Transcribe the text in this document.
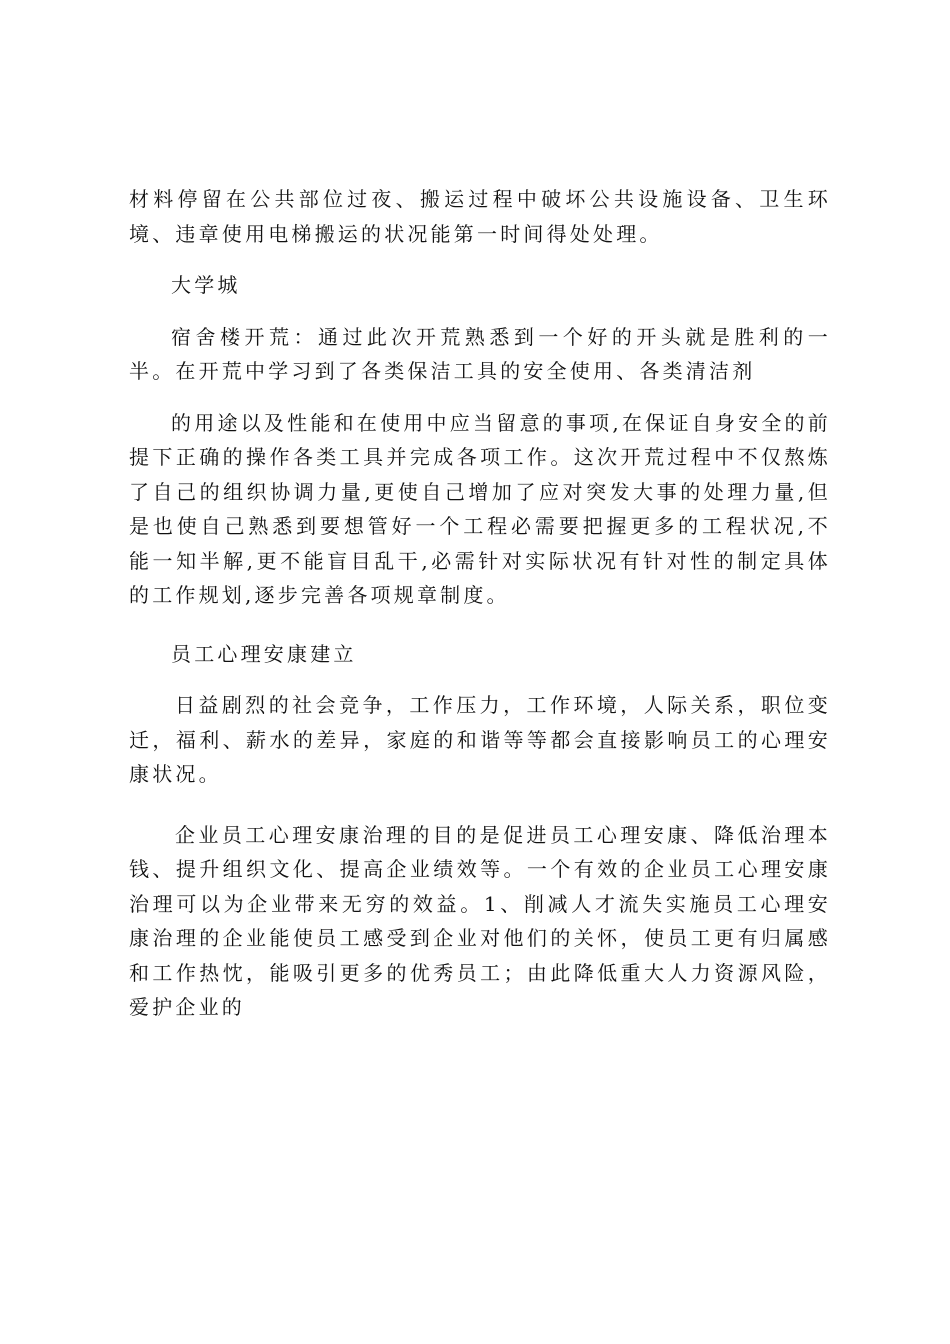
材料停留在公共部位过夜、搬运过程中破坏公共设施设备、卫生环境、违章使用电梯搬运的状况能第一时间得处处理。

大学城

宿舍楼开荒：通过此次开荒熟悉到一个好的开头就是胜利的一半。在开荒中学习到了各类保洁工具的安全使用、各类清洁剂

的用途以及性能和在使用中应当留意的事项,在保证自身安全的前提下正确的操作各类工具并完成各项工作。这次开荒过程中不仅熬炼了自己的组织协调力量,更使自己增加了应对突发大事的处理力量,但是也使自己熟悉到要想管好一个工程必需要把握更多的工程状况,不能一知半解,更不能盲目乱干,必需针对实际状况有针对性的制定具体的工作规划,逐步完善各项规章制度。

员工心理安康建立

日益剧烈的社会竞争，工作压力，工作环境，人际关系，职位变迁，福利、薪水的差异，家庭的和谐等等都会直接影响员工的心理安康状况。

企业员工心理安康治理的目的是促进员工心理安康、降低治理本钱、提升组织文化、提高企业绩效等。一个有效的企业员工心理安康治理可以为企业带来无穷的效益。1、削减人才流失实施员工心理安康治理的企业能使员工感受到企业对他们的关怀，使员工更有归属感和工作热忱，能吸引更多的优秀员工；由此降低重大人力资源风险，爱护企业的
